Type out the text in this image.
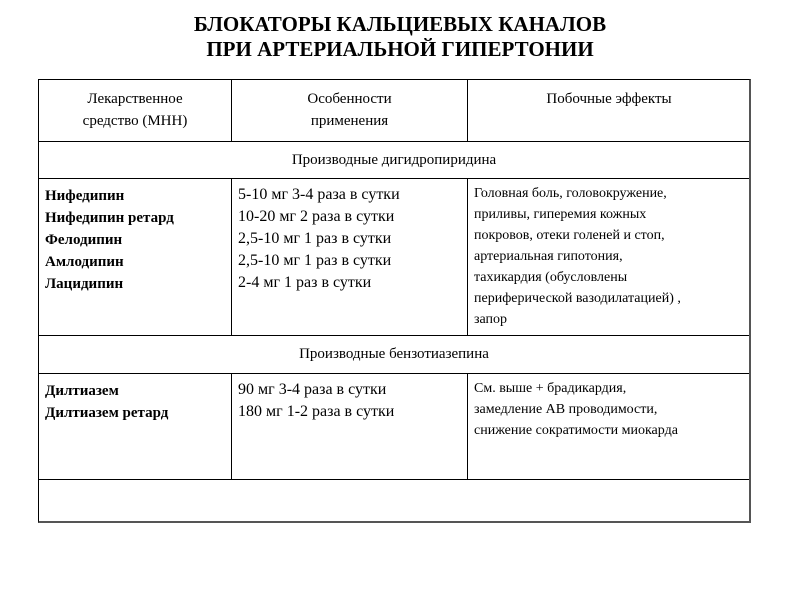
БЛОКАТОРЫ КАЛЬЦИЕВЫХ КАНАЛОВ
ПРИ АРТЕРИАЛЬНОЙ ГИПЕРТОНИИ
Лекарственное
средство (МНН)
Особенности
применения
Побочные эффекты
Производные дигидропиридина
Нифедипин
Нифедипин ретард
Фелодипин
Амлодипин
Лацидипин
5-10 мг 3-4 раза в сутки
10-20 мг 2 раза в сутки
2,5-10 мг 1 раз в сутки
2,5-10 мг 1 раз в сутки
2-4 мг 1 раз в сутки
Головная боль, головокружение,
приливы, гиперемия кожных
покровов, отеки голеней и стоп,
артериальная гипотония,
тахикардия (обусловлены
периферической вазодилатацией) ,
запор
Производные бензотиазепина
Дилтиазем
Дилтиазем ретард
90 мг 3-4 раза в сутки
180 мг 1-2 раза в сутки
См. выше + брадикардия,
замедление АВ проводимости,
снижение сократимости миокарда
